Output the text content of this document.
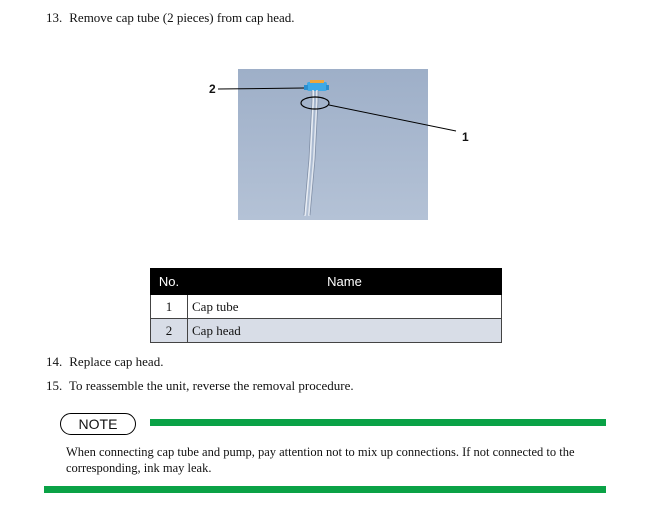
13. Remove cap tube (2 pieces) from cap head.
2
1
No.	Name
1	Cap tube
2	Cap head
14. Replace cap head.
15. To reassemble the unit, reverse the removal procedure.
NOTE
When connecting cap tube and pump, pay attention not to mix up connections. If not connected to the corresponding, ink may leak.
